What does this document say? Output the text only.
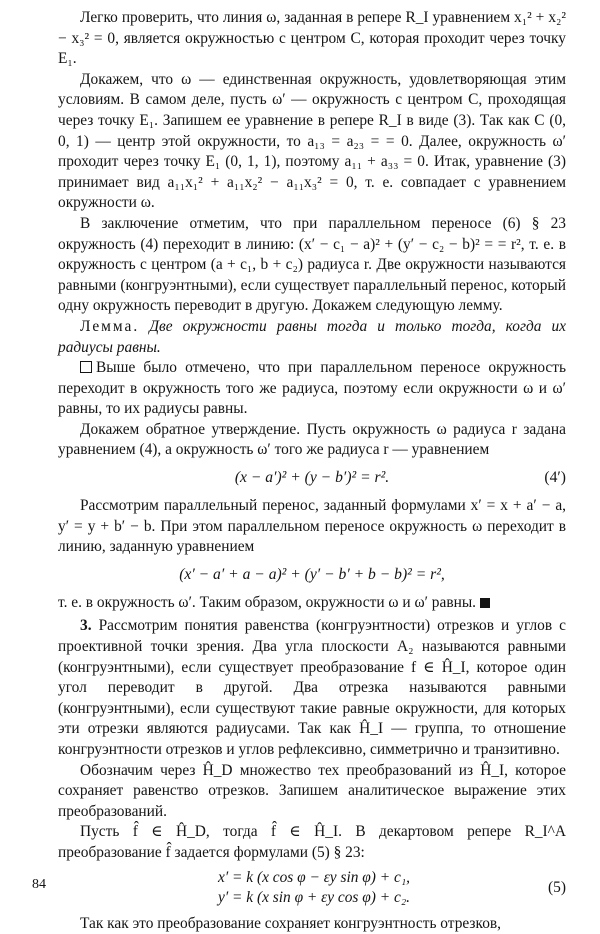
Легко проверить, что линия ω, заданная в репере R_I уравнением x₁² + x₂² − x₃² = 0, является окружностью с центром C, которая проходит через точку E₁.

Докажем, что ω — единственная окружность, удовлетворяющая этим условиям. В самом деле, пусть ω′ — окружность с центром C, проходящая через точку E₁. Запишем ее уравнение в репере R_I в виде (3). Так как C (0, 0, 1) — центр этой окружности, то a₁₃ = a₂₃ = = 0. Далее, окружность ω′ проходит через точку E₁ (0, 1, 1), поэтому a₁₁ + a₃₃ = 0. Итак, уравнение (3) принимает вид a₁₁x₁² + a₁₁x₂² − a₁₁x₃² = 0, т. е. совпадает с уравнением окружности ω.

В заключение отметим, что при параллельном переносе (6) § 23 окружность (4) переходит в линию: (x′ − c₁ − a)² + (y′ − c₂ − b)² = = r², т. е. в окружность с центром (a + c₁, b + c₂) радиуса r. Две окружности называются равными (конгруэнтными), если существует параллельный перенос, который одну окружность переводит в другую. Докажем следующую лемму.

Лемма. Две окружности равны тогда и только тогда, когда их радиусы равны.

Выше было отмечено, что при параллельном переносе окружность переходит в окружность того же радиуса, поэтому если окружности ω и ω′ равны, то их радиусы равны.

Докажем обратное утверждение. Пусть окружность ω радиуса r задана уравнением (4), а окружность ω′ того же радиуса r — уравнением

(x − a′)² + (y − b′)² = r².	(4′)

Рассмотрим параллельный перенос, заданный формулами x′ = x + a′ − a, y′ = y + b′ − b. При этом параллельном переносе окружность ω переходит в линию, заданную уравнением

(x′ − a′ + a − a)² + (y′ − b′ + b − b)² = r²,

т. е. в окружность ω′. Таким образом, окружности ω и ω′ равны.

3. Рассмотрим понятия равенства (конгруэнтности) отрезков и углов с проективной точки зрения. Два угла плоскости A₂ называются равными (конгруэнтными), если существует преобразование f ∈ Ĥ_I, которое один угол переводит в другой. Два отрезка называются равными (конгруэнтными), если существуют такие равные окружности, для которых эти отрезки являются радиусами. Так как Ĥ_I — группа, то отношение конгруэнтности отрезков и углов рефлексивно, симметрично и транзитивно.

Обозначим через Ĥ_D множество тех преобразований из Ĥ_I, которое сохраняет равенство отрезков. Запишем аналитическое выражение этих преобразований.

Пусть f̂ ∈ Ĥ_D, тогда f̂ ∈ Ĥ_I. В декартовом репере R_I^A преобразование f̂ задается формулами (5) § 23:

x′ = k (x cos φ − εy sin φ) + c₁,
y′ = k (x sin φ + εy cos φ) + c₂.
(5)

Так как это преобразование сохраняет конгруэнтность отрезков,

84
